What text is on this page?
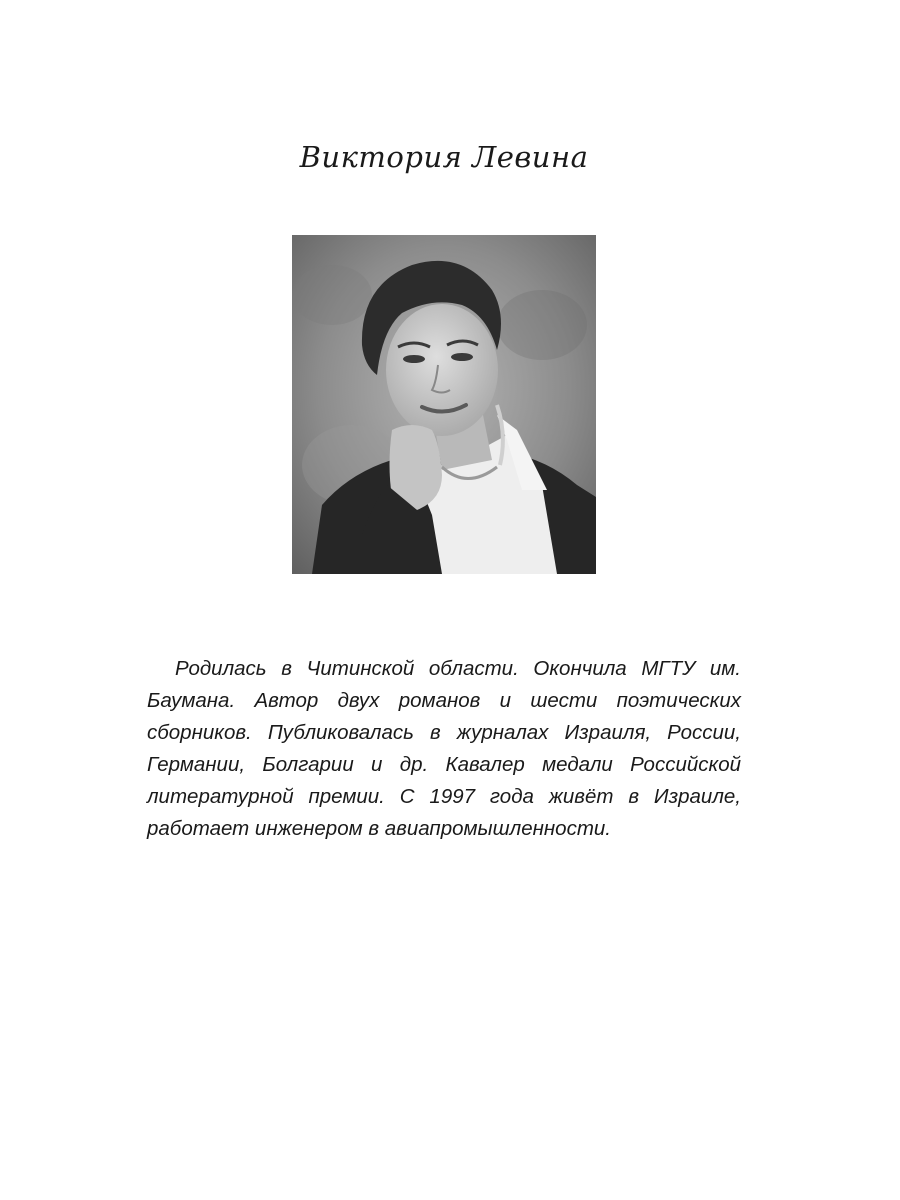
Виктория Левина

Родилась в Читинской области. Окончила МГТУ им. Баумана. Автор двух романов и шести поэтических сборников. Публиковалась в журналах Израиля, России, Германии, Болгарии и др. Кавалер медали Российской литературной премии. С 1997 года живёт в Израиле, работает инженером в авиапромышленности.
